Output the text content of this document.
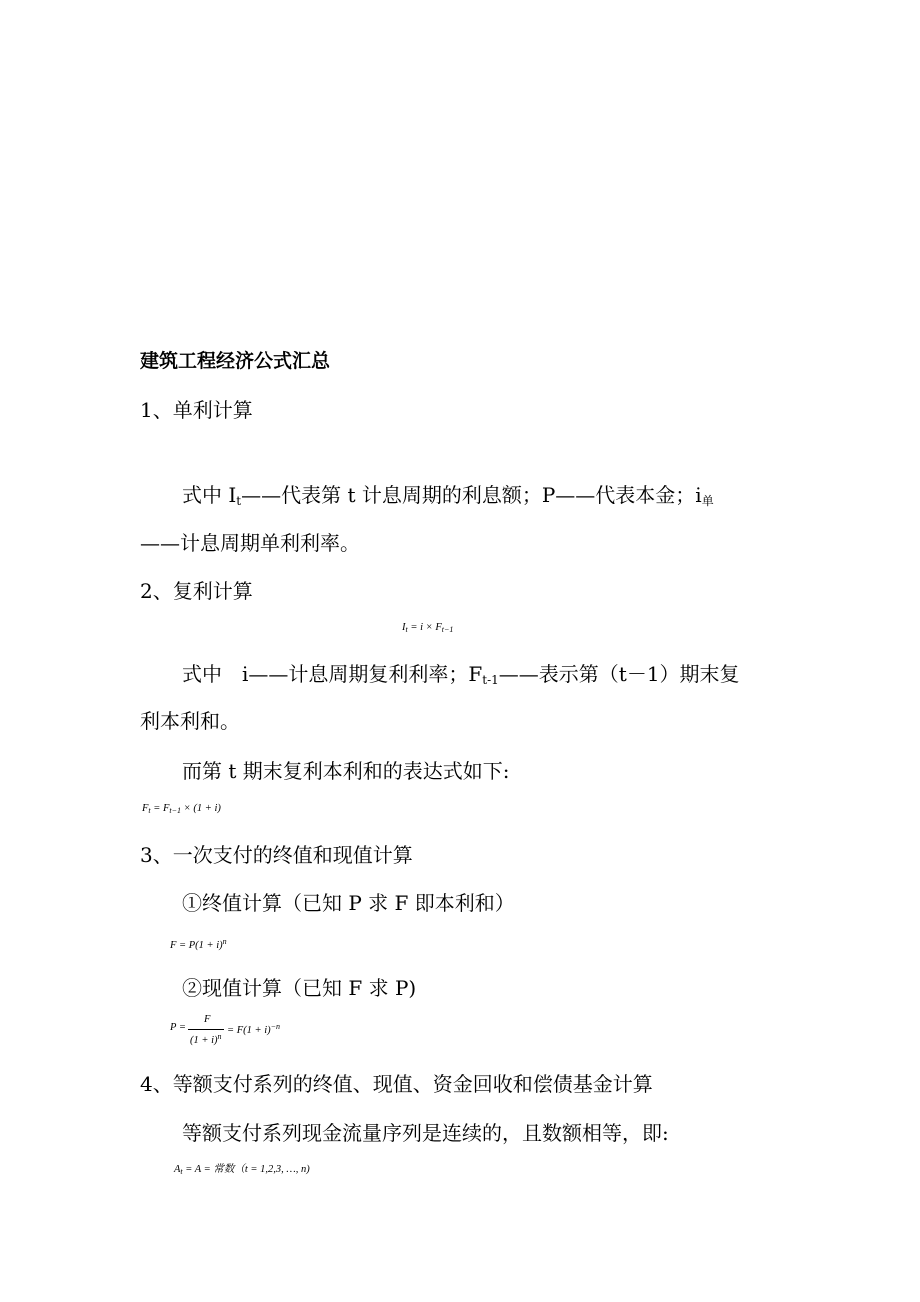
建筑工程经济公式汇总
1、单利计算
式中 $I_t——$代表第 t 计息周期的利息额；P——代表本金；$i_单$
——计息周期单利利率。
2、复利计算
$I_t = i \times F_{t-1}$
式中　i——计息周期复利利率；$F_{t-1}——$表示第（t－1）期末复
利本利和。
而第 t 期末复利本利和的表达式如下:
$F_t = F_{t-1} \times (1 + i)$
3、一次支付的终值和现值计算
①终值计算（已知 P 求 F 即本利和）
$F = P(1 + i)^n$
②现值计算（已知 F 求 P)
P =
F
$(1 + i)^n$
= $F(1 + i)^{-n}$
4、等额支付系列的终值、现值、资金回收和偿债基金计算
等额支付系列现金流量序列是连续的，且数额相等，即:
$A_t = A$ = 常数（t = 1,2,3, …, n)
